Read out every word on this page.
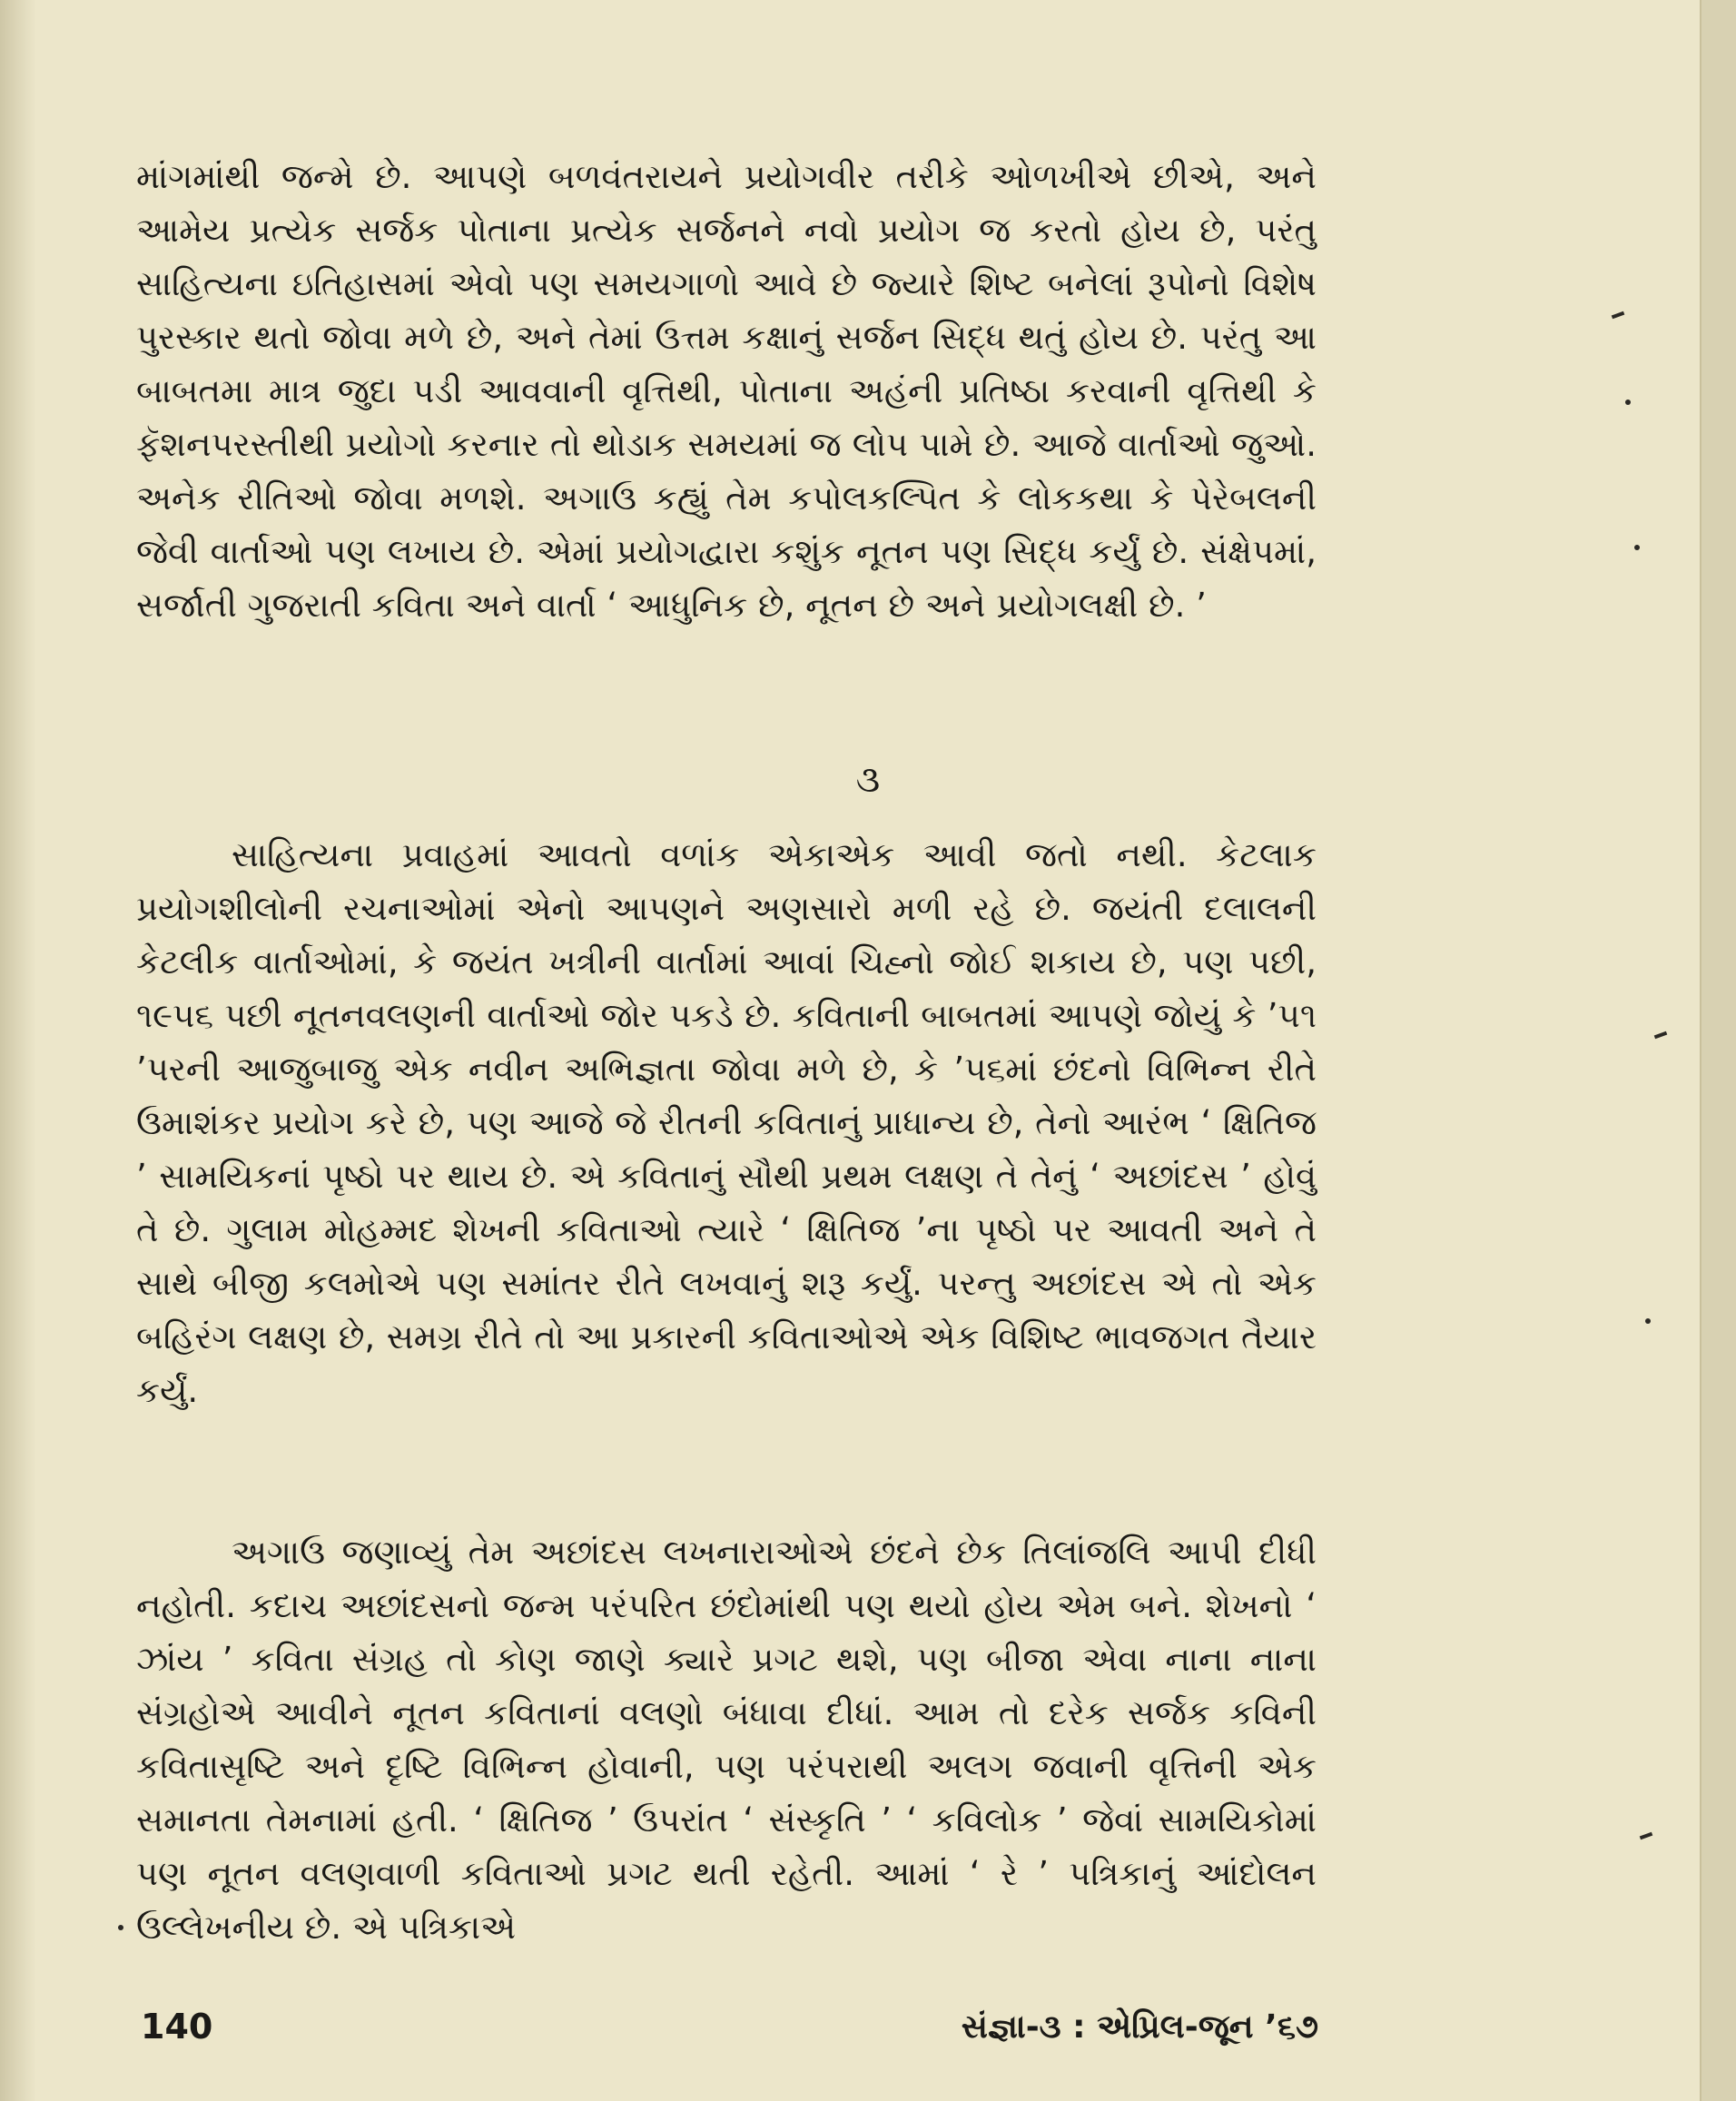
માંગમાંથી જન્મે છે. આપણે બળવંતરાયને પ્રયોગવીર તરીકે ઓળખીએ છીએ, અને આમેય પ્રત્યેક સર્જક પોતાના પ્રત્યેક સર્જનને નવો પ્રયોગ જ કરતો હોય છે, પરંતુ સાહિત્યના ઇતિહાસમાં એવો પણ સમયગાળો આવે છે જ્યારે શિષ્ટ બનેલાં રૂપોનો વિશેષ પુરસ્કાર થતો જોવા મળે છે, અને તેમાં ઉત્તમ કક્ષાનું સર્જન સિદ્ધ થતું હોય છે. પરંતુ આ બાબતમા માત્ર જુદા પડી આવવાની વૃત્તિથી, પોતાના અહંની પ્રતિષ્ઠા કરવાની વૃત્તિથી કે ફૅશનપરસ્તીથી પ્રયોગો કરનાર તો થોડાક સમયમાં જ લોપ પામે છે. આજે વાર્તાઓ જુઓ. અનેક રીતિઓ જોવા મળશે. અગાઉ કહ્યું તેમ કપોલકલ્પિત કે લોકકથા કે પેરેબલની જેવી વાર્તાઓ પણ લખાય છે. એમાં પ્રયોગદ્વારા કશુંક નૂતન પણ સિદ્ધ કર્યું છે. સંક્ષેપમાં, સર્જાતી ગુજરાતી કવિતા અને વાર્તા ‘ આધુનિક છે, નૂતન છે અને પ્રયોગલક્ષી છે. ’

૩

સાહિત્યના પ્રવાહમાં આવતો વળાંક એકાએક આવી જતો નથી. કેટલાક પ્રયોગશીલોની રચનાઓમાં એનો આપણને અણસારો મળી રહે છે. જયંતી દલાલની કેટલીક વાર્તાઓમાં, કે જયંત ખત્રીની વાર્તામાં આવાં ચિહ્નો જોઈ શકાય છે, પણ પછી, ૧૯૫૬ પછી નૂતનવલણની વાર્તાઓ જોર પકડે છે. કવિતાની બાબતમાં આપણે જોયું કે ’૫૧ ’પરની આજુબાજુ એક નવીન અભિજ્ઞતા જોવા મળે છે, કે ’૫૬માં છંદનો વિભિન્ન રીતે ઉમાશંકર પ્રયોગ કરે છે, પણ આજે જે રીતની કવિતાનું પ્રાધાન્ય છે, તેનો આરંભ ‘ ક્ષિતિજ ’ સામયિકનાં પૃષ્ઠો પર થાય છે. એ કવિતાનું સૌથી પ્રથમ લક્ષણ તે તેનું ‘ અછાંદસ ’ હોવું તે છે. ગુલામ મોહમ્મદ શેખની કવિતાઓ ત્યારે ‘ ક્ષિતિજ ’ના પૃષ્ઠો પર આવતી અને તે સાથે બીજી કલમોએ પણ સમાંતર રીતે લખવાનું શરૂ કર્યું. પરન્તુ અછાંદસ એ તો એક બહિરંગ લક્ષણ છે, સમગ્ર રીતે તો આ પ્રકારની કવિતાઓએ એક વિશિષ્ટ ભાવજગત તૈયાર કર્યું.

અગાઉ જણાવ્યું તેમ અછાંદસ લખનારાઓએ છંદને છેક તિલાંજલિ આપી દીધી નહોતી. કદાચ અછાંદસનો જન્મ પરંપરિત છંદોમાંથી પણ થયો હોય એમ બને. શેખનો ‘ ઝાંય ’ કવિતા સંગ્રહ તો કોણ જાણે ક્યારે પ્રગટ થશે, પણ બીજા એવા નાના નાના સંગ્રહોએ આવીને નૂતન કવિતાનાં વલણો બંધાવા દીધાં. આમ તો દરેક સર્જક કવિની કવિતાસૃષ્ટિ અને દૃષ્ટિ વિભિન્ન હોવાની, પણ પરંપરાથી અલગ જવાની વૃત્તિની એક સમાનતા તેમનામાં હતી. ‘ ક્ષિતિજ ’ ઉપરાંત ‘ સંસ્કૃતિ ’ ‘ કવિલોક ’ જેવાં સામયિકોમાં પણ નૂતન વલણવાળી કવિતાઓ પ્રગટ થતી રહેતી. આમાં ‘ રે ’ પત્રિકાનું આંદોલન ઉલ્લેખનીય છે. એ પત્રિકાએ

140	સંજ્ઞા-૩ : એપ્રિલ-જૂન ’૬૭
